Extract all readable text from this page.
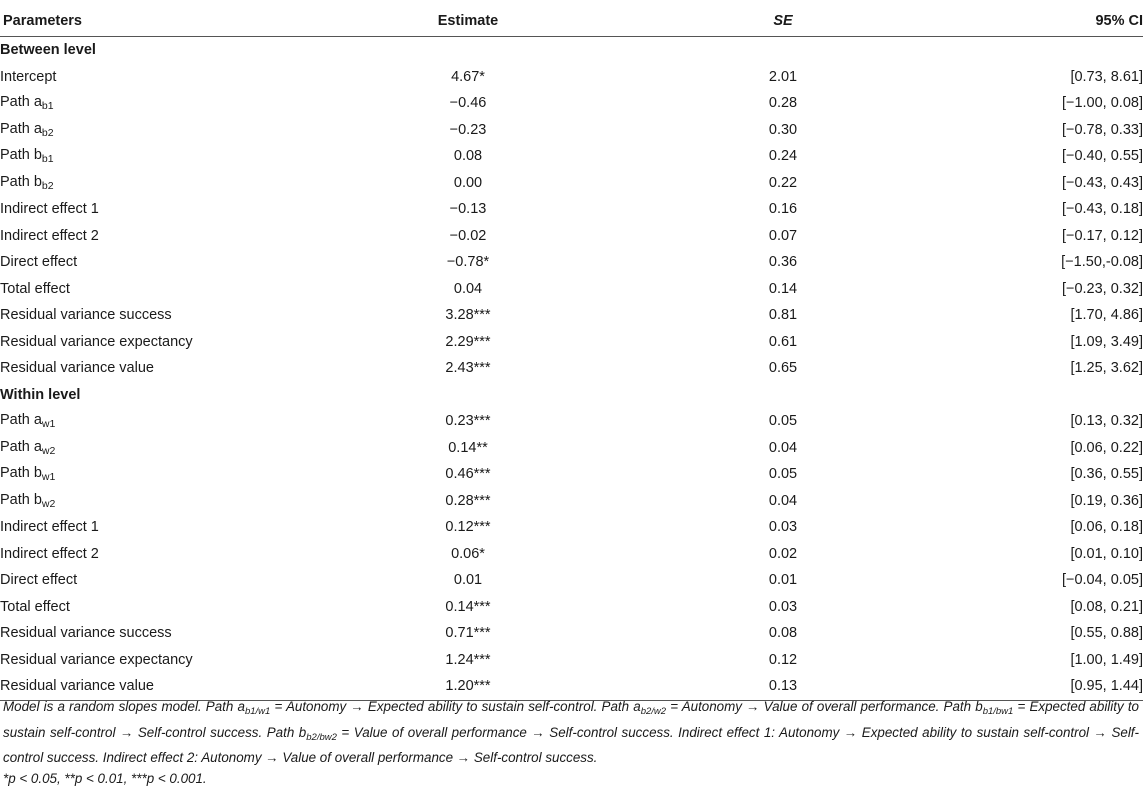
Parameters	Estimate	SE	95% CI
Between level			
Intercept	4.67*	2.01	[0.73, 8.61]
Path $a_{b1}$	−0.46	0.28	[−1.00, 0.08]
Path $a_{b2}$	−0.23	0.30	[−0.78, 0.33]
Path $b_{b1}$	0.08	0.24	[−0.40, 0.55]
Path $b_{b2}$	0.00	0.22	[−0.43, 0.43]
Indirect effect 1	−0.13	0.16	[−0.43, 0.18]
Indirect effect 2	−0.02	0.07	[−0.17, 0.12]
Direct effect	−0.78*	0.36	[−1.50,-0.08]
Total effect	0.04	0.14	[−0.23, 0.32]
Residual variance success	3.28***	0.81	[1.70, 4.86]
Residual variance expectancy	2.29***	0.61	[1.09, 3.49]
Residual variance value	2.43***	0.65	[1.25, 3.62]
Within level			
Path $a_{w1}$	0.23***	0.05	[0.13, 0.32]
Path $a_{w2}$	0.14**	0.04	[0.06, 0.22]
Path $b_{w1}$	0.46***	0.05	[0.36, 0.55]
Path $b_{w2}$	0.28***	0.04	[0.19, 0.36]
Indirect effect 1	0.12***	0.03	[0.06, 0.18]
Indirect effect 2	0.06*	0.02	[0.01, 0.10]
Direct effect	0.01	0.01	[−0.04, 0.05]
Total effect	0.14***	0.03	[0.08, 0.21]
Residual variance success	0.71***	0.08	[0.55, 0.88]
Residual variance expectancy	1.24***	0.12	[1.00, 1.49]
Residual variance value	1.20***	0.13	[0.95, 1.44]

Model is a random slopes model. Path $a_{b1/w1}$ = Autonomy → Expected ability to sustain self-control. Path $a_{b2/w2}$ = Autonomy → Value of overall performance. Path $b_{b1/bw1}$ = Expected ability to sustain self-control → Self-control success. Path $b_{b2/bw2}$ = Value of overall performance → Self-control success. Indirect effect 1: Autonomy → Expected ability to sustain self-control → Self-control success. Indirect effect 2: Autonomy → Value of overall performance → Self-control success.

*p < 0.05, **p < 0.01, ***p < 0.001.
